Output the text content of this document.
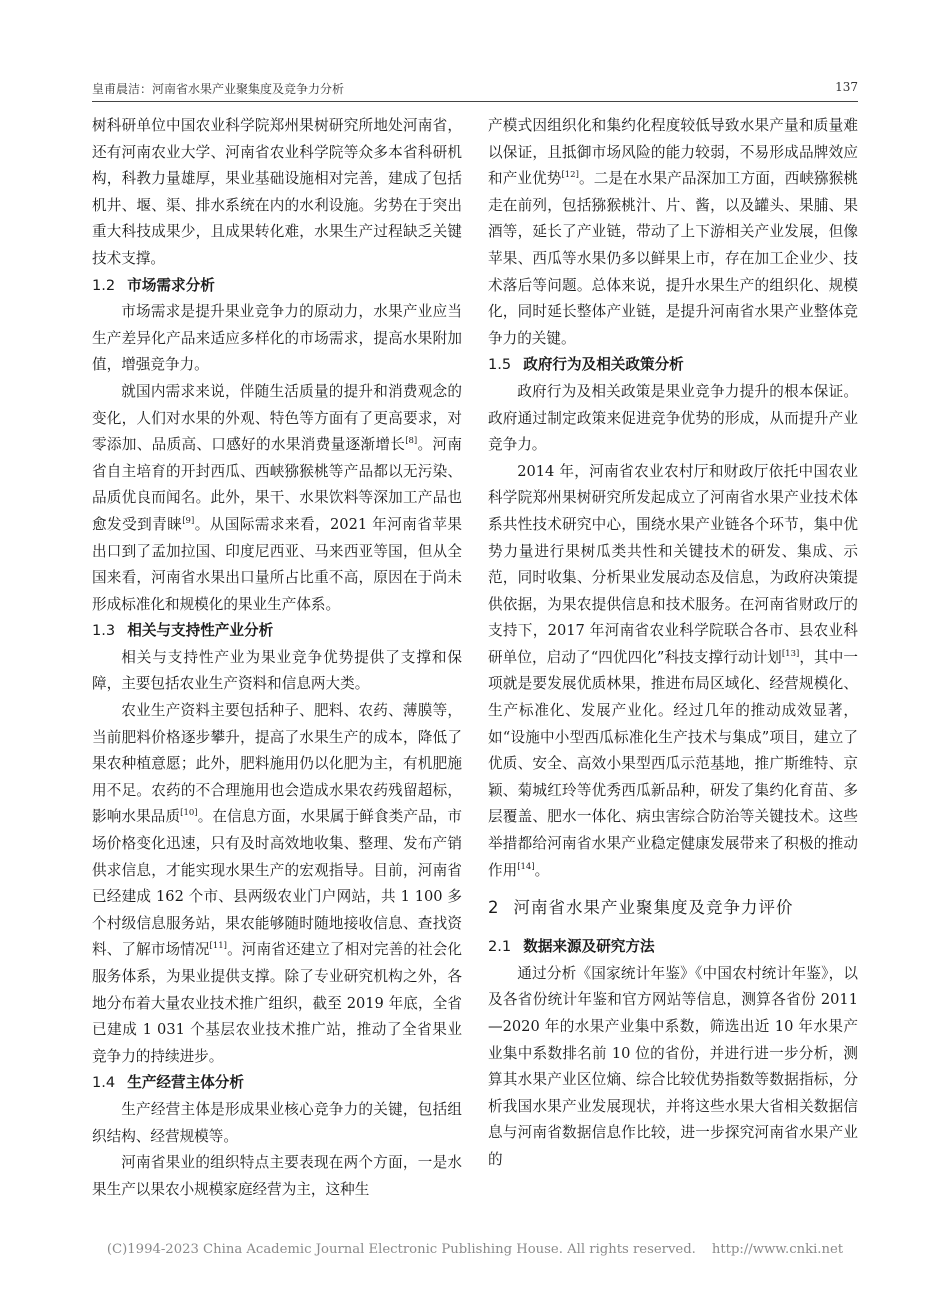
皇甫晨洁：河南省水果产业聚集度及竞争力分析	137

树科研单位中国农业科学院郑州果树研究所地处河南省，还有河南农业大学、河南省农业科学院等众多本省科研机构，科教力量雄厚，果业基础设施相对完善，建成了包括机井、堰、渠、排水系统在内的水利设施。劣势在于突出重大科技成果少，且成果转化难，水果生产过程缺乏关键技术支撑。

1.2 市场需求分析

市场需求是提升果业竞争力的原动力，水果产业应当生产差异化产品来适应多样化的市场需求，提高水果附加值，增强竞争力。

就国内需求来说，伴随生活质量的提升和消费观念的变化，人们对水果的外观、特色等方面有了更高要求，对零添加、品质高、口感好的水果消费量逐渐增长[8]。河南省自主培育的开封西瓜、西峡猕猴桃等产品都以无污染、品质优良而闻名。此外，果干、水果饮料等深加工产品也愈发受到青睐[9]。从国际需求来看，2021 年河南省苹果出口到了孟加拉国、印度尼西亚、马来西亚等国，但从全国来看，河南省水果出口量所占比重不高，原因在于尚未形成标准化和规模化的果业生产体系。

1.3 相关与支持性产业分析

相关与支持性产业为果业竞争优势提供了支撑和保障，主要包括农业生产资料和信息两大类。

农业生产资料主要包括种子、肥料、农药、薄膜等，当前肥料价格逐步攀升，提高了水果生产的成本，降低了果农种植意愿；此外，肥料施用仍以化肥为主，有机肥施用不足。农药的不合理施用也会造成水果农药残留超标，影响水果品质[10]。在信息方面，水果属于鲜食类产品，市场价格变化迅速，只有及时高效地收集、整理、发布产销供求信息，才能实现水果生产的宏观指导。目前，河南省已经建成 162 个市、县两级农业门户网站，共 1 100 多个村级信息服务站，果农能够随时随地接收信息、查找资料、了解市场情况[11]。河南省还建立了相对完善的社会化服务体系，为果业提供支撑。除了专业研究机构之外，各地分布着大量农业技术推广组织，截至 2019 年底，全省已建成 1 031 个基层农业技术推广站，推动了全省果业竞争力的持续进步。

1.4 生产经营主体分析

生产经营主体是形成果业核心竞争力的关键，包括组织结构、经营规模等。

河南省果业的组织特点主要表现在两个方面，一是水果生产以果农小规模家庭经营为主，这种生

产模式因组织化和集约化程度较低导致水果产量和质量难以保证，且抵御市场风险的能力较弱，不易形成品牌效应和产业优势[12]。二是在水果产品深加工方面，西峡猕猴桃走在前列，包括猕猴桃汁、片、酱，以及罐头、果脯、果酒等，延长了产业链，带动了上下游相关产业发展，但像苹果、西瓜等水果仍多以鲜果上市，存在加工企业少、技术落后等问题。总体来说，提升水果生产的组织化、规模化，同时延长整体产业链，是提升河南省水果产业整体竞争力的关键。

1.5 政府行为及相关政策分析

政府行为及相关政策是果业竞争力提升的根本保证。政府通过制定政策来促进竞争优势的形成，从而提升产业竞争力。

2014 年，河南省农业农村厅和财政厅依托中国农业科学院郑州果树研究所发起成立了河南省水果产业技术体系共性技术研究中心，围绕水果产业链各个环节，集中优势力量进行果树瓜类共性和关键技术的研发、集成、示范，同时收集、分析果业发展动态及信息，为政府决策提供依据，为果农提供信息和技术服务。在河南省财政厅的支持下，2017 年河南省农业科学院联合各市、县农业科研单位，启动了“四优四化”科技支撑行动计划[13]，其中一项就是要发展优质林果，推进布局区域化、经营规模化、生产标准化、发展产业化。经过几年的推动成效显著，如“设施中小型西瓜标准化生产技术与集成”项目，建立了优质、安全、高效小果型西瓜示范基地，推广斯维特、京颖、菊城红玲等优秀西瓜新品种，研发了集约化育苗、多层覆盖、肥水一体化、病虫害综合防治等关键技术。这些举措都给河南省水果产业稳定健康发展带来了积极的推动作用[14]。

2 河南省水果产业聚集度及竞争力评价
2.1 数据来源及研究方法

通过分析《国家统计年鉴》《中国农村统计年鉴》，以及各省份统计年鉴和官方网站等信息，测算各省份 2011—2020 年的水果产业集中系数，筛选出近 10 年水果产业集中系数排名前 10 位的省份，并进行进一步分析，测算其水果产业区位熵、综合比较优势指数等数据指标，分析我国水果产业发展现状，并将这些水果大省相关数据信息与河南省数据信息作比较，进一步探究河南省水果产业的

(C)1994-2023 China Academic Journal Electronic Publishing House. All rights reserved. http://www.cnki.net
